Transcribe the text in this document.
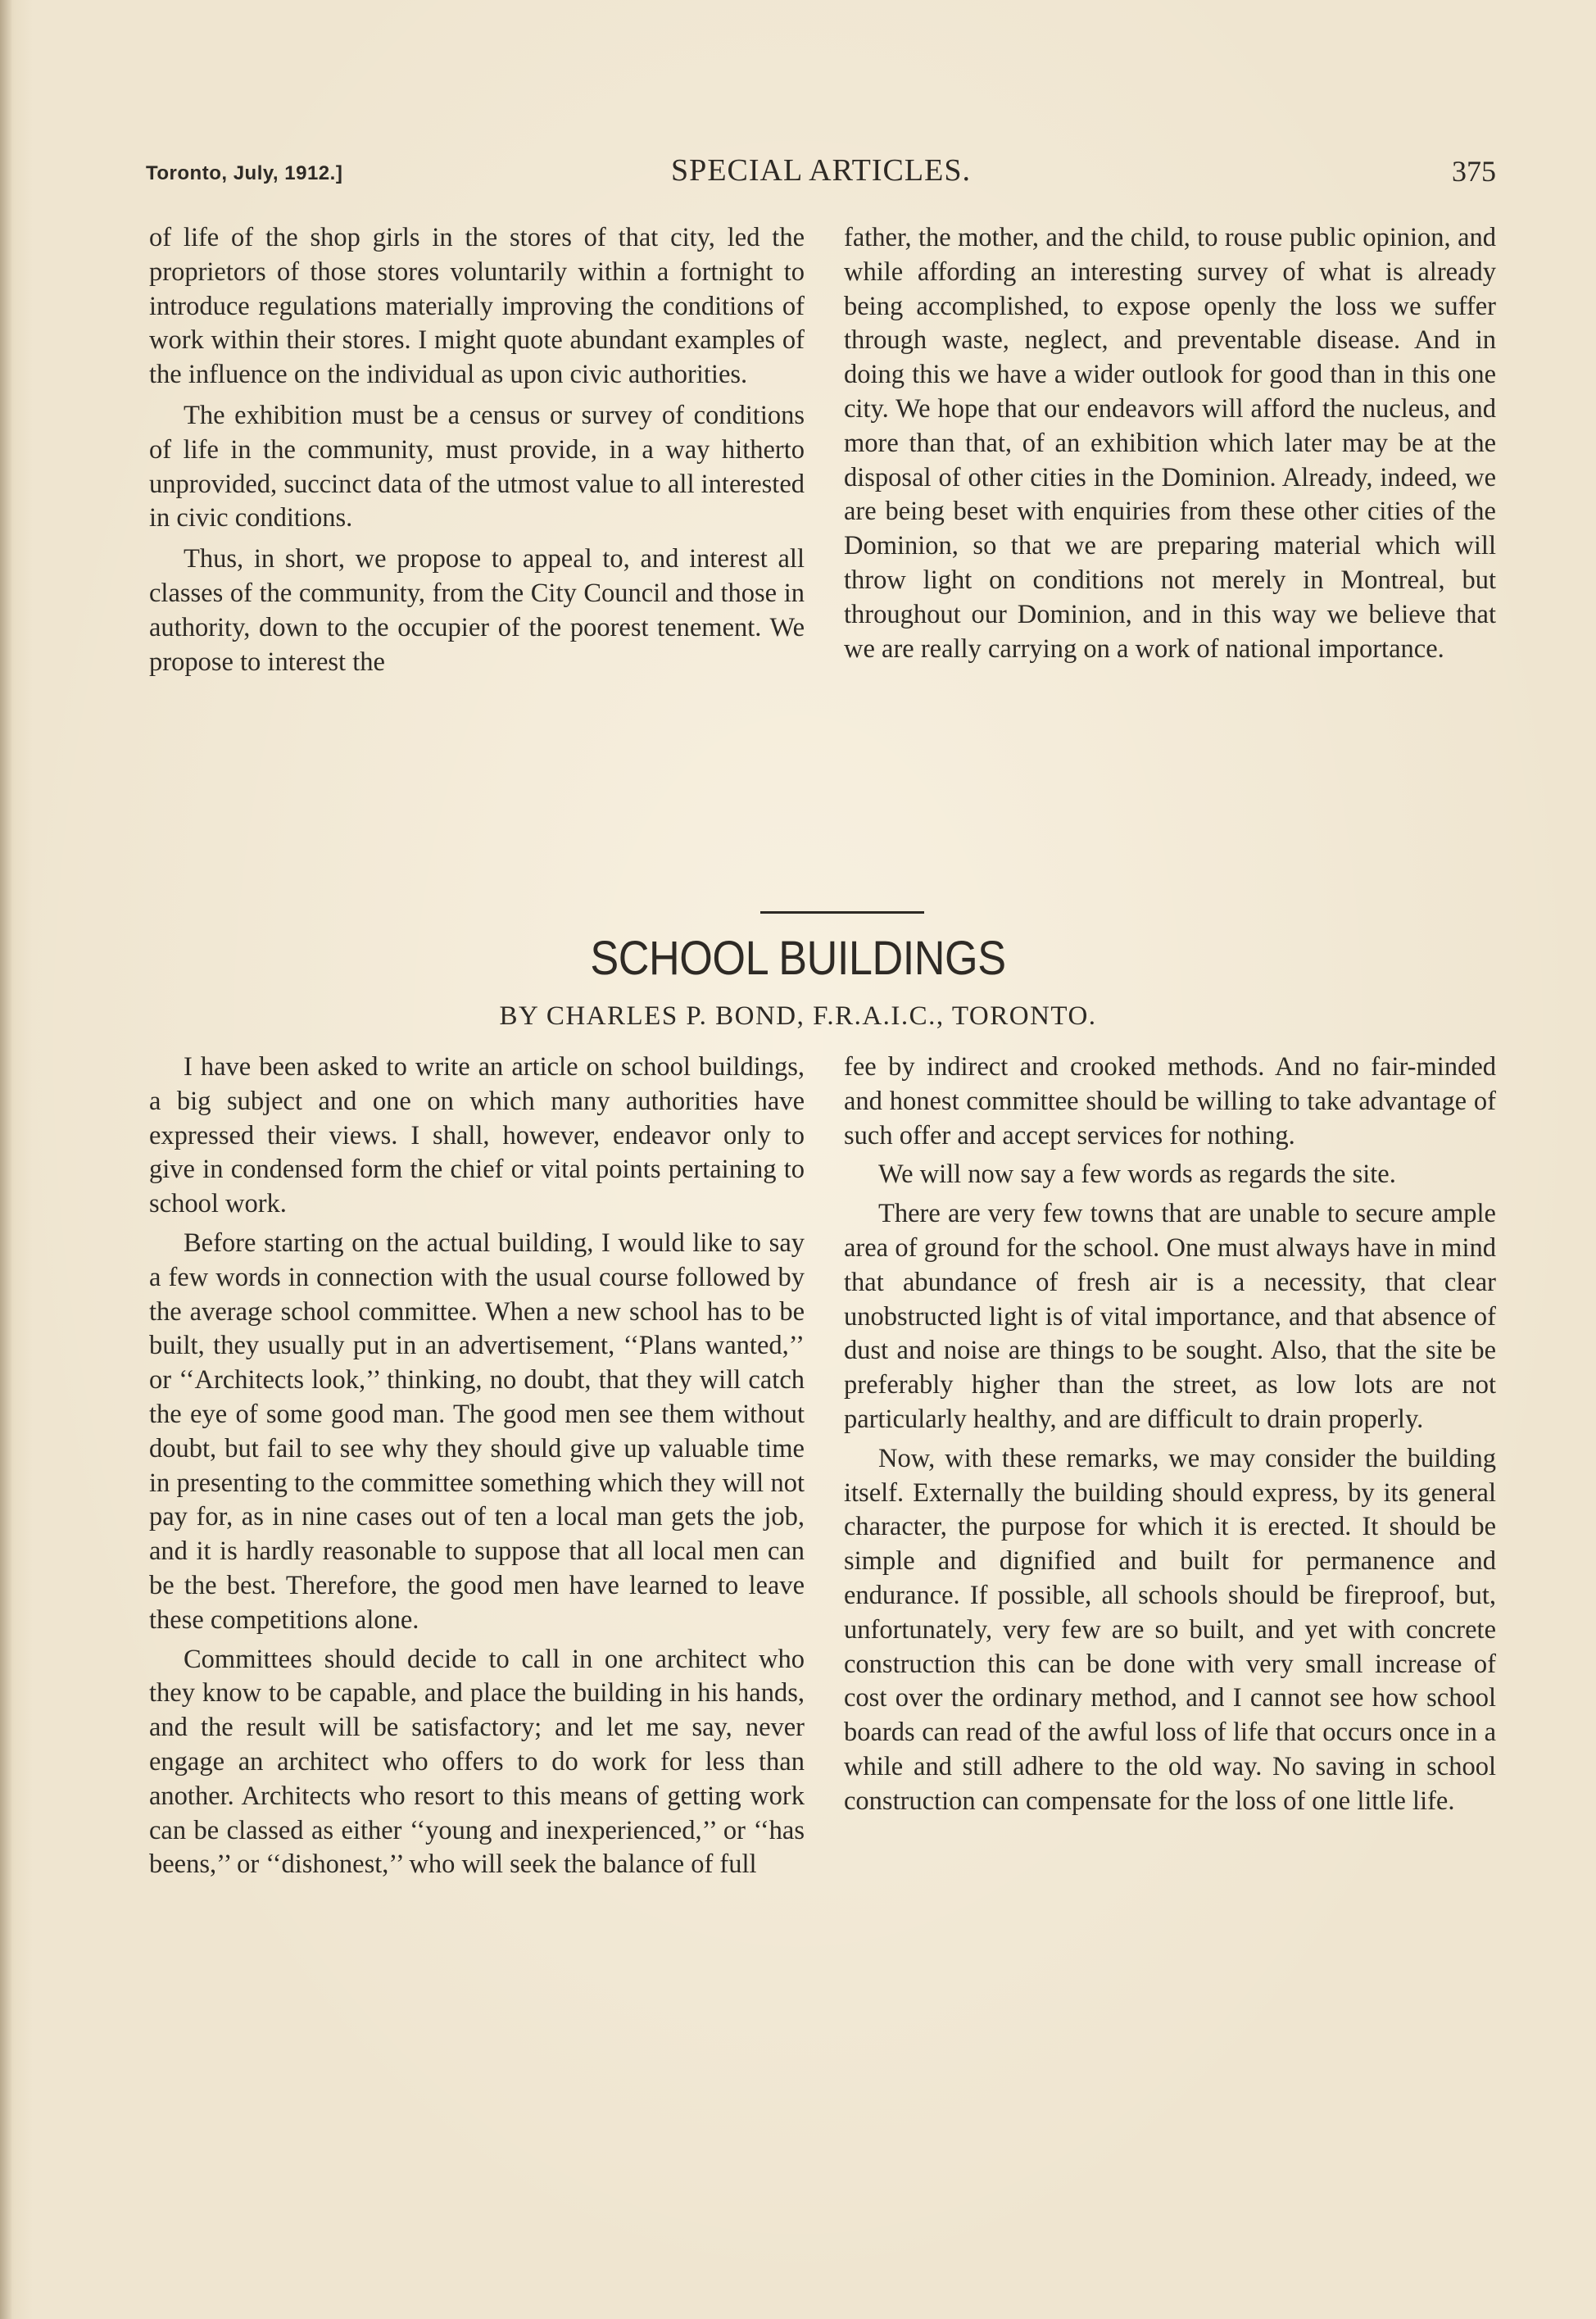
Toronto, July, 1912.]	SPECIAL ARTICLES.	375

of life of the shop girls in the stores of that city, led the proprietors of those stores voluntarily within a fortnight to introduce regulations materially improving the conditions of work within their stores. I might quote abundant examples of the influence on the individual as upon civic authorities.

The exhibition must be a census or survey of conditions of life in the community, must provide, in a way hitherto unprovided, succinct data of the utmost value to all interested in civic conditions.

Thus, in short, we propose to appeal to, and interest all classes of the community, from the City Council and those in authority, down to the occupier of the poorest tenement. We propose to interest the

father, the mother, and the child, to rouse public opinion, and while affording an interesting survey of what is already being accomplished, to expose openly the loss we suffer through waste, neglect, and preventable disease. And in doing this we have a wider outlook for good than in this one city. We hope that our endeavors will afford the nucleus, and more than that, of an exhibition which later may be at the disposal of other cities in the Dominion. Already, indeed, we are being beset with enquiries from these other cities of the Dominion, so that we are preparing material which will throw light on conditions not merely in Montreal, but throughout our Dominion, and in this way we believe that we are really carrying on a work of national importance.

SCHOOL BUILDINGS
BY CHARLES P. BOND, F.R.A.I.C., TORONTO.

I have been asked to write an article on school buildings, a big subject and one on which many authorities have expressed their views. I shall, however, endeavor only to give in condensed form the chief or vital points pertaining to school work.

Before starting on the actual building, I would like to say a few words in connection with the usual course followed by the average school committee. When a new school has to be built, they usually put in an advertisement, ‘‘Plans wanted,’’ or ‘‘Architects look,’’ thinking, no doubt, that they will catch the eye of some good man. The good men see them without doubt, but fail to see why they should give up valuable time in presenting to the committee something which they will not pay for, as in nine cases out of ten a local man gets the job, and it is hardly reasonable to suppose that all local men can be the best. Therefore, the good men have learned to leave these competitions alone.

Committees should decide to call in one architect who they know to be capable, and place the building in his hands, and the result will be satisfactory; and let me say, never engage an architect who offers to do work for less than another. Architects who resort to this means of getting work can be classed as either ‘‘young and inexperienced,’’ or ‘‘has beens,’’ or ‘‘dishonest,’’ who will seek the balance of full

fee by indirect and crooked methods. And no fair-minded and honest committee should be willing to take advantage of such offer and accept services for nothing.

We will now say a few words as regards the site.

There are very few towns that are unable to secure ample area of ground for the school. One must always have in mind that abundance of fresh air is a necessity, that clear unobstructed light is of vital importance, and that absence of dust and noise are things to be sought. Also, that the site be preferably higher than the street, as low lots are not particularly healthy, and are difficult to drain properly.

Now, with these remarks, we may consider the building itself. Externally the building should express, by its general character, the purpose for which it is erected. It should be simple and dignified and built for permanence and endurance. If possible, all schools should be fireproof, but, unfortunately, very few are so built, and yet with concrete construction this can be done with very small increase of cost over the ordinary method, and I cannot see how school boards can read of the awful loss of life that occurs once in a while and still adhere to the old way. No saving in school construction can compensate for the loss of one little life.
